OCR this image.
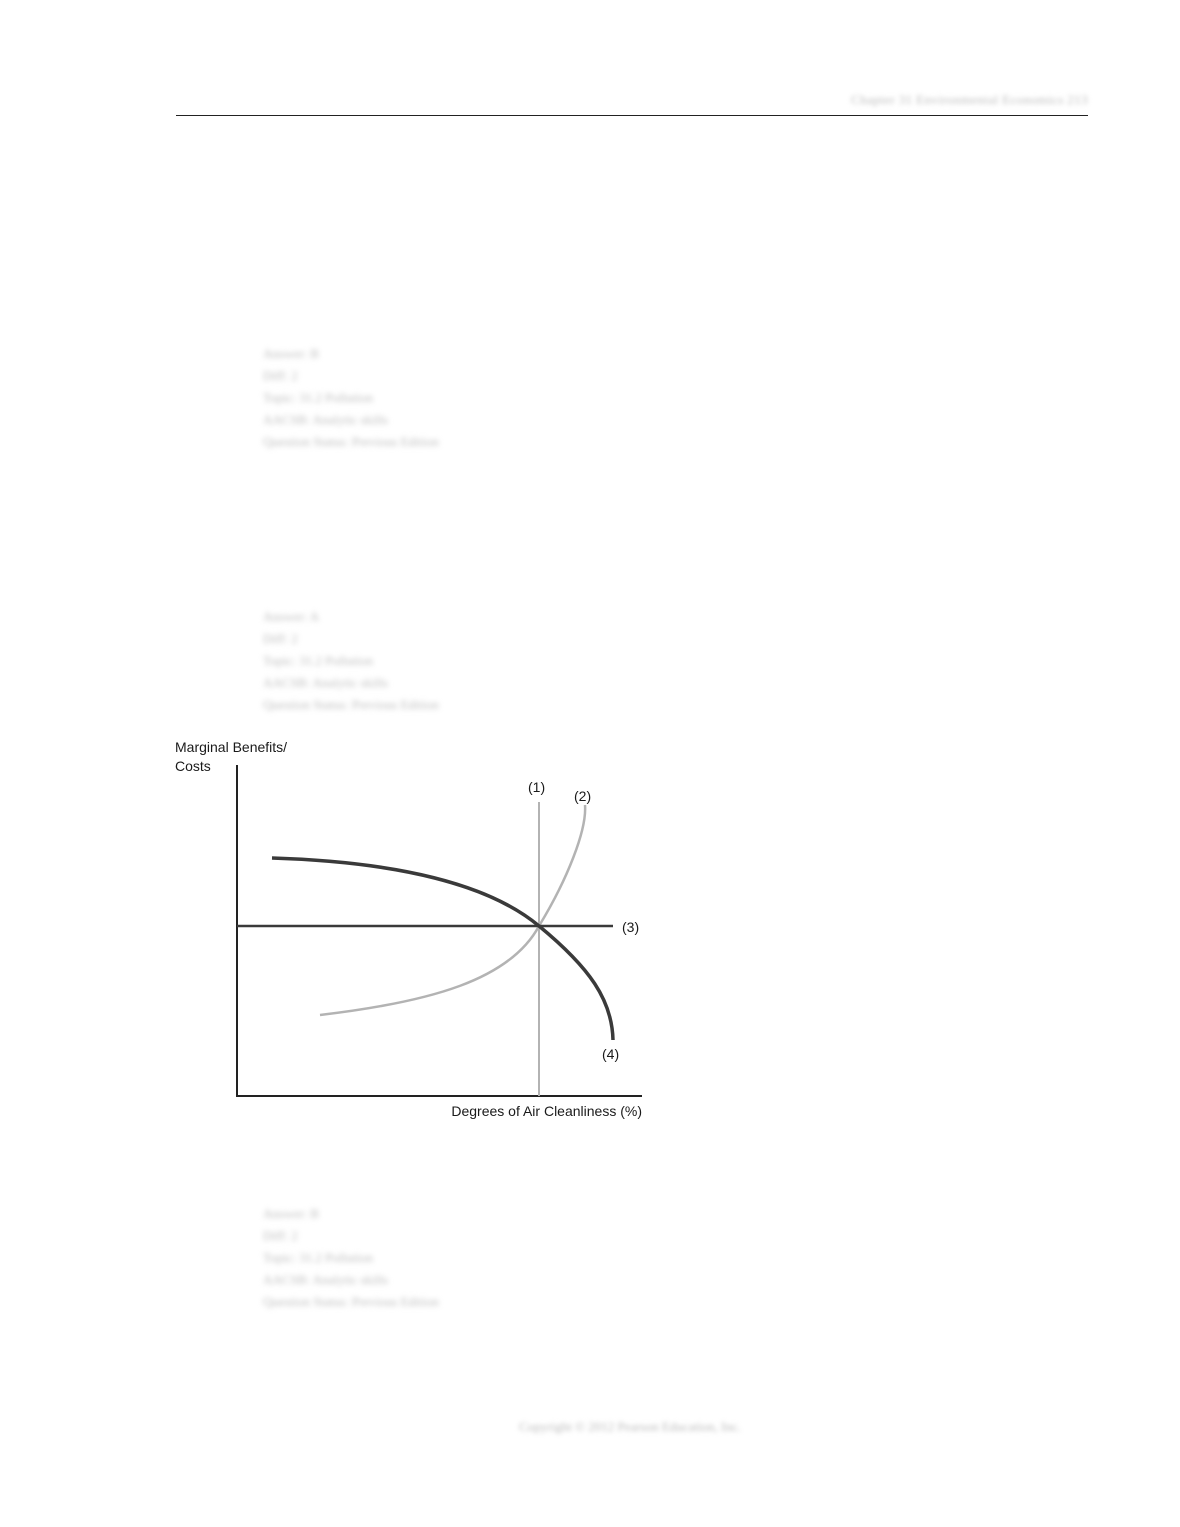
Chapter 31 Environmental Economics 213
Answer: B
Diff: 2
Topic: 31.2 Pollution
AACSB: Analytic skills
Question Status: Previous Edition
Answer: A
Diff: 2
Topic: 31.2 Pollution
AACSB: Analytic skills
Question Status: Previous Edition
Marginal Benefits/
Costs
(1)
(2)
(3)
(4)
Degrees of Air Cleanliness (%)
Answer: B
Diff: 2
Topic: 31.2 Pollution
AACSB: Analytic skills
Question Status: Previous Edition
Copyright © 2012 Pearson Education, Inc.
